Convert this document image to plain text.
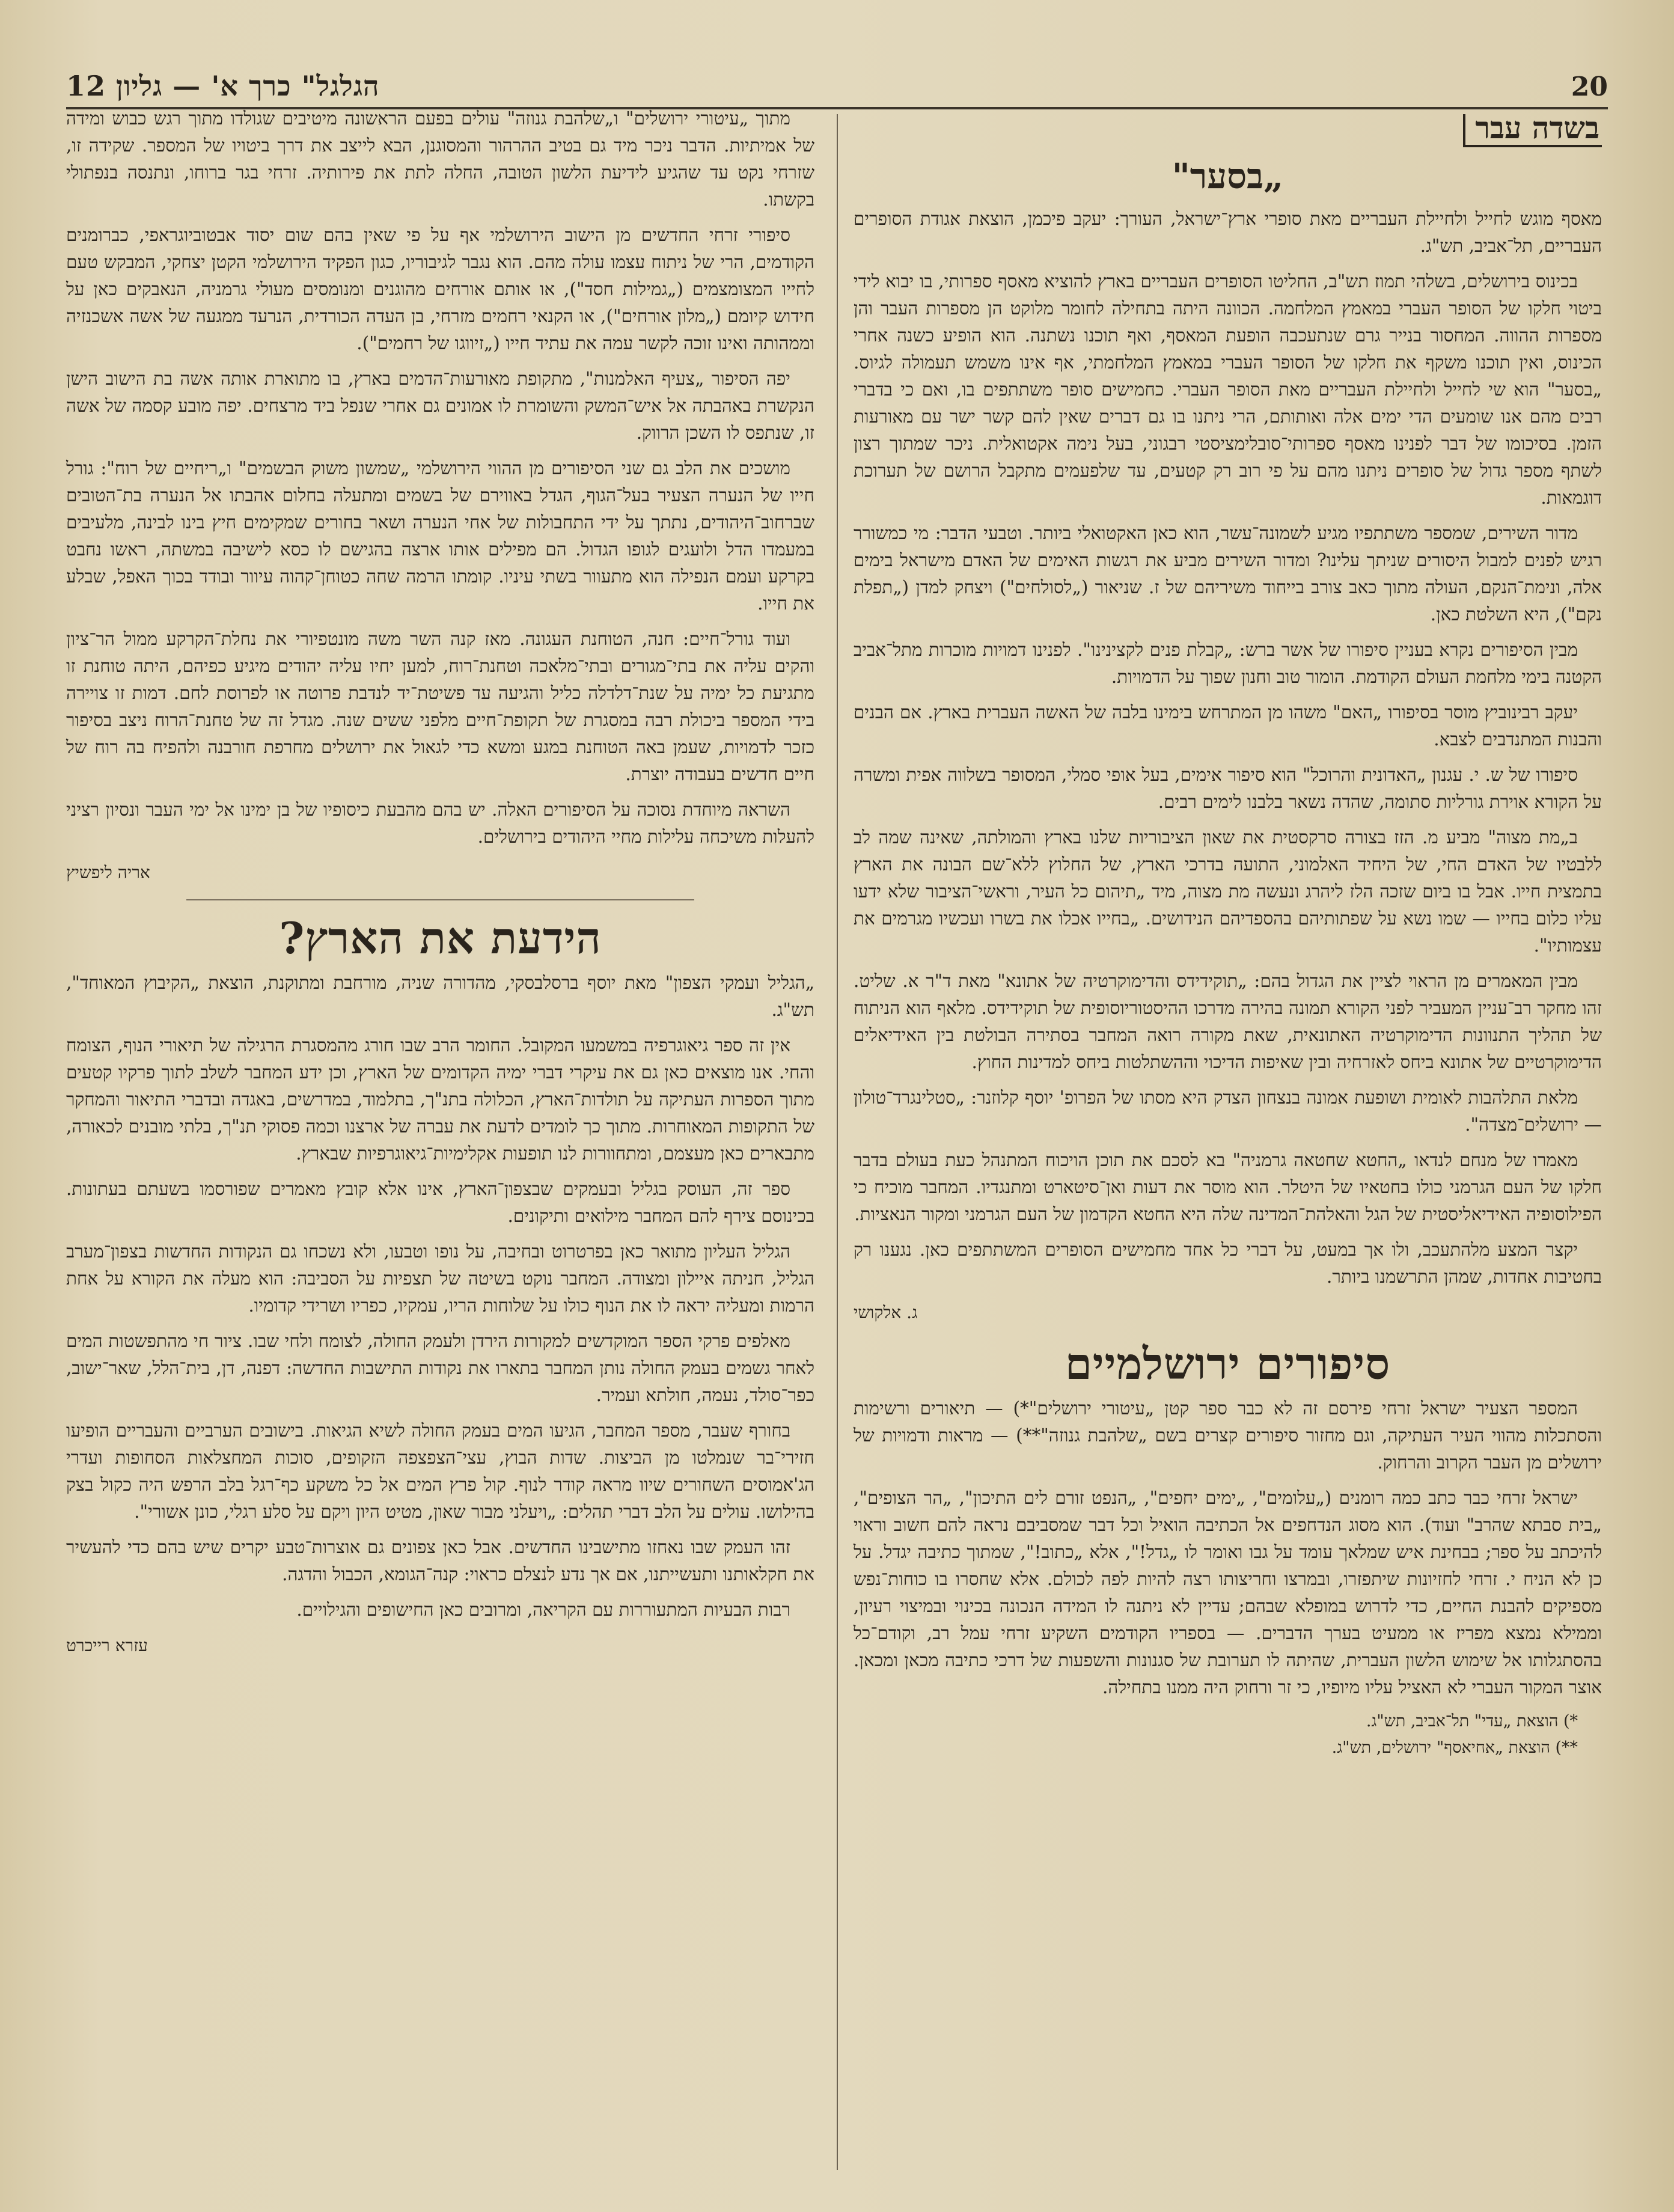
20
הגלגל" כרך א' — גליון 12
בשדה עבר
„בסער"

מאסף מוגש לחייל ולחיילת העבריים מאת סופרי ארץ־ישראל, העורך: יעקב פיכמן, הוצאת אגודת הסופרים העבריים, תל־אביב, תש"ג.

בכינוס בירושלים, בשלהי תמוז תש"ב, החליטו הסופרים העבריים בארץ להוציא מאסף ספרותי, בו יבוא לידי ביטוי חלקו של הסופר העברי במאמץ המלחמה. הכוונה היתה בתחילה לחומר מלוקט הן מספרות העבר והן מספרות ההווה. המחסור בנייר גרם שנתעכבה הופעת המאסף, ואף תוכנו נשתנה. הוא הופיע כשנה אחרי הכינוס, ואין תוכנו משקף את חלקו של הסופר העברי במאמץ המלחמתי, אף אינו משמש תעמולה לגיוס. „בסער" הוא שי לחייל ולחיילת העבריים מאת הסופר העברי. כחמישים סופר משתתפים בו, ואם כי בדברי רבים מהם אנו שומעים הדי ימים אלה ואותותם, הרי ניתנו בו גם דברים שאין להם קשר ישר עם מאורעות הזמן. בסיכומו של דבר לפנינו מאסף ספרותי־סובלימציסטי רבגוני, בעל נימה אקטואלית. ניכר שמתוך רצון לשתף מספר גדול של סופרים ניתנו מהם על פי רוב רק קטעים, עד שלפעמים מתקבל הרושם של תערוכת דוגמאות.

מדור השירים, שמספר משתתפיו מגיע לשמונה־עשר, הוא כאן האקטואלי ביותר. וטבעי הדבר: מי כמשורר רגיש לפנים למבול היסורים שניתך עלינו? ומדור השירים מביע את רגשות האימים של האדם מישראל בימים אלה, ונימת־הנקם, העולה מתוך כאב צורב בייחוד משיריהם של ז. שניאור („לסולחים") ויצחק למדן („תפלת נקם"), היא השלטת כאן.

מבין הסיפורים נקרא בעניין סיפורו של אשר ברש: „קבלת פנים לקצינינו". לפנינו דמויות מוכרות מתל־אביב הקטנה בימי מלחמת העולם הקודמת. הומור טוב וחנון שפוך על הדמויות.

יעקב רבינוביץ מוסר בסיפורו „האם" משהו מן המתרחש בימינו בלבה של האשה העברית בארץ. אם הבנים והבנות המתנדבים לצבא.

סיפורו של ש. י. עגנון „האדונית והרוכל" הוא סיפור אימים, בעל אופי סמלי, המסופר בשלווה אפית ומשרה על הקורא אוירת גורליות סתומה, שהדה נשאר בלבנו לימים רבים.

ב„מת מצוה" מביע מ. הזז בצורה סרקסטית את שאון הציבוריות שלנו בארץ והמולתה, שאינה שמה לב ללבטיו של האדם החי, של היחיד האלמוני, התועה בדרכי הארץ, של החלוץ ללא־שם הבונה את הארץ בתמצית חייו. אבל בו ביום שזכה הלז ליהרג ונעשה מת מצוה, מיד „תיהום כל העיר, וראשי־הציבור שלא ידעו עליו כלום בחייו — שמו נשא על שפתותיהם בהספדיהם הנידושים. „בחייו אכלו את בשרו ועכשיו מגרמים את עצמותיו".

מבין המאמרים מן הראוי לציין את הגדול בהם: „תוקידידס והדימוקרטיה של אתונא" מאת ד"ר א. שליט. זהו מחקר רב־עניין המעביר לפני הקורא תמונה בהירה מדרכו ההיסטוריוסופית של תוקידידס. מלאף הוא הניתוח של תהליך התנוונות הדימוקרטיה האתונאית, שאת מקורה רואה המחבר בסתירה הבולטת בין האידיאלים הדימוקרטיים של אתונא ביחס לאזרחיה ובין שאיפות הדיכוי וההשתלטות ביחס למדינות החוץ.

מלאת התלהבות לאומית ושופעת אמונה בנצחון הצדק היא מסתו של הפרופ' יוסף קלוזנר: „סטלינגרד־טולון — ירושלים־מצדה".

מאמרו של מנחם לנדאו „החטא שחטאה גרמניה" בא לסכם את תוכן הויכוח המתנהל כעת בעולם בדבר חלקו של העם הגרמני כולו בחטאיו של היטלר. הוא מוסר את דעות ואן־סיטארט ומתנגדיו. המחבר מוכיח כי הפילוסופיה האידיאליסטית של הגל והאלהת־המדינה שלה היא החטא הקדמון של העם הגרמני ומקור הנאציות.

יקצר המצע מלהתעכב, ולו אך במעט, על דברי כל אחד מחמישים הסופרים המשתתפים כאן. נגענו רק בחטיבות אחדות, שמהן התרשמנו ביותר.

ג. אלקושי
סיפורים ירושלמיים

המספר הצעיר ישראל זרחי פירסם זה לא כבר ספר קטן „עיטורי ירושלים"*) — תיאורים ורשימות והסתכלות מהווי העיר העתיקה, וגם מחזור סיפורים קצרים בשם „שלהבת גנוזה"**) — מראות ודמויות של ירושלים מן העבר הקרוב והרחוק.

ישראל זרחי כבר כתב כמה רומנים („עלומים", „ימים יחפים", „הנפט זורם לים התיכון", „הר הצופים", „בית סבתא שהרב" ועוד). הוא מסוג הנדחפים אל הכתיבה הואיל וכל דבר שמסביבם נראה להם חשוב וראוי להיכתב על ספר; בבחינת איש שמלאך עומד על גבו ואומר לו „גדל!", אלא „כתוב!", שמתוך כתיבה יגדל. על כן לא הניח י. זרחי לחזיונות שיתפזרו, ובמרצו וחריצותו רצה להיות לפה לכולם. אלא שחסרו בו כוחות־נפש מספיקים להבנת החיים, כדי לדרוש במופלא שבהם; עדיין לא ניתנה לו המידה הנכונה בכינוי ובמיצוי רעיון, וממילא נמצא מפריז או ממעיט בערך הדברים. — בספריו הקודמים השקיע זרחי עמל רב, וקודם־כל בהסתגלותו אל שימוש הלשון העברית, שהיתה לו תערובת של סגנונות והשפעות של דרכי כתיבה מכאן ומכאן. אוצר המקור העברי לא האציל עליו מיופיו, כי זר ורחוק היה ממנו בתחילה.

*) הוצאת „עדי" תל־אביב, תש"ג.

**) הוצאת „אחיאסף" ירושלים, תש"ג.

מתוך „עיטורי ירושלים" ו„שלהבת גנוזה" עולים בפעם הראשונה מיטיבים שגולדו מתוך רגש כבוש ומידה של אמיתיות. הדבר ניכר מיד גם בטיב ההרהור והמסוגנן, הבא לייצב את דרך ביטויו של המספר. שקידה זו, שזרחי נקט עד שהגיע לידיעת הלשון הטובה, החלה לתת את פירותיה. זרחי בגר ברוחו, ונתנסה בנפתולי בקשתו.

סיפורי זרחי החדשים מן הישוב הירושלמי אף על פי שאין בהם שום יסוד אבטוביוגראפי, כברומנים הקודמים, הרי של ניתוח עצמו עולה מהם. הוא נגבר לגיבוריו, כגון הפקיד הירושלמי הקטן יצחקי, המבקש טעם לחייו המצומצמים („גמילות חסד"), או אותם אורחים מהוגנים ומנומסים מעולי גרמניה, הנאבקים כאן על חידוש קיומם („מלון אורחים"), או הקנאי רחמים מזרחי, בן העדה הכורדית, הנרעד ממגעה של אשה אשכנזיה וממהותה ואינו זוכה לקשר עמה את עתיד חייו („זיווגו של רחמים").

יפה הסיפור „צעיף האלמנות", מתקופת מאורעות־הדמים בארץ, בו מתוארת אותה אשה בת הישוב הישן הנקשרת באהבתה אל איש־המשק והשומרת לו אמונים גם אחרי שנפל ביד מרצחים. יפה מובע קסמה של אשה זו, שנתפס לו השכן הרווק.

מושכים את הלב גם שני הסיפורים מן ההווי הירושלמי „שמשון משוק הבשמים" ו„ריחיים של רוח": גורל חייו של הנערה הצעיר בעל־הגוף, הגדל באווירם של בשמים ומתעלה בחלום אהבתו אל הנערה בת־הטובים שברחוב־היהודים, נתתך על ידי התחבולות של אחי הנערה ושאר בחורים שמקימים חיץ בינו לבינה, מלעיבים במעמדו הדל ולועגים לגופו הגדול. הם מפילים אותו ארצה בהגישם לו כסא לישיבה במשתה, ראשו נחבט בקרקע ועמם הנפילה הוא מתעוור בשתי עיניו. קומתו הרמה שחה כטוחן־קהוה עיוור ובודד בכוך האפל, שבלע את חייו.

ועוד גורל־חיים: חנה, הטוחנת העגונה. מאז קנה השר משה מונטפיורי את נחלת־הקרקע ממול הר־ציון והקים עליה את בתי־מגורים ובתי־מלאכה וטחנת־רוח, למען יחיו עליה יהודים מיגיע כפיהם, היתה טוחנת זו מתגיעת כל ימיה על שנת־דלדלה כליל והגיעה עד פשיטת־יד לנדבת פרוטה או לפרוסת לחם. דמות זו צויירה בידי המספר ביכולת רבה במסגרת של תקופת־חיים מלפני ששים שנה. מגדל זה של טחנת־הרוח ניצב בסיפור כזכר לדמויות, שעמן באה הטוחנת במגע ומשא כדי לגאול את ירושלים מחרפת חורבנה ולהפיח בה רוח של חיים חדשים בעבודה יוצרת.

השראה מיוחדת נסוכה על הסיפורים האלה. יש בהם מהבעת כיסופיו של בן ימינו אל ימי העבר ונסיון רציני להעלות משיכחה עלילות מחיי היהודים בירושלים.

אריה ליפשיץ
הידעת את הארץ?

„הגליל ועמקי הצפון" מאת יוסף ברסלבסקי, מהדורה שניה, מורחבת ומתוקנת, הוצאת „הקיבוץ המאוחד", תש"ג.

אין זה ספר גיאוגרפיה במשמעו המקובל. החומר הרב שבו חורג מהמסגרת הרגילה של תיאורי הנוף, הצומח והחי. אנו מוצאים כאן גם את עיקרי דברי ימיה הקדומים של הארץ, וכן ידע המחבר לשלב לתוך פרקיו קטעים מתוך הספרות העתיקה על תולדות־הארץ, הכלולה בתנ"ך, בתלמוד, במדרשים, באגדה ובדברי התיאור והמחקר של התקופות המאוחרות. מתוך כך לומדים לדעת את עברה של ארצנו וכמה פסוקי תנ"ך, בלתי מובנים לכאורה, מתבארים כאן מעצמם, ומתחוורות לנו תופעות אקלימיות־גיאוגרפיות שבארץ.

ספר זה, העוסק בגליל ובעמקים שבצפון־הארץ, אינו אלא קובץ מאמרים שפורסמו בשעתם בעתונות. בכינוסם צירף להם המחבר מילואים ותיקונים.

הגליל העליון מתואר כאן בפרטרוט ובחיבה, על נופו וטבעו, ולא נשכחו גם הנקודות החדשות בצפון־מערב הגליל, חניתה איילון ומצודה. המחבר נוקט בשיטה של תצפיות על הסביבה: הוא מעלה את הקורא על אחת הרמות ומעליה יראה לו את הנוף כולו על שלוחות הריו, עמקיו, כפריו ושרידי קדומיו.

מאלפים פרקי הספר המוקדשים למקורות הירדן ולעמק החולה, לצומח ולחי שבו. ציור חי מהתפשטות המים לאחר גשמים בעמק החולה נותן המחבר בתארו את נקודות התישבות החדשה: דפנה, דן, בית־הלל, שאר־ישוב, כפר־סולד, נעמה, חולתא ועמיר.

בחורף שעבר, מספר המחבר, הגיעו המים בעמק החולה לשיא הגיאות. בישובים הערביים והעבריים הופיעו חזירי־בר שנמלטו מן הביצות. שדות הבוץ, עצי־הצפצפה הזקופים, סוכות המחצלאות הסחופות ועדרי הג'אמוסים השחורים שיוו מראה קודר לנוף. קול פרץ המים אל כל משקע כף־רגל בלב הרפש היה כקול בצק בהילושו. עולים על הלב דברי תהלים: „ויעלני מבור שאון, מטיט היון ויקם על סלע רגלי, כונן אשורי".

זהו העמק שבו נאחזו מתישבינו החדשים. אבל כאן צפונים גם אוצרות־טבע יקרים שיש בהם כדי להעשיר את חקלאותנו ותעשייתנו, אם אך נדע לנצלם כראוי: קנה־הגומא, הכבול והדגה.

רבות הבעיות המתעוררות עם הקריאה, ומרובים כאן החישופים והגילויים.

עזרא רייכרט
